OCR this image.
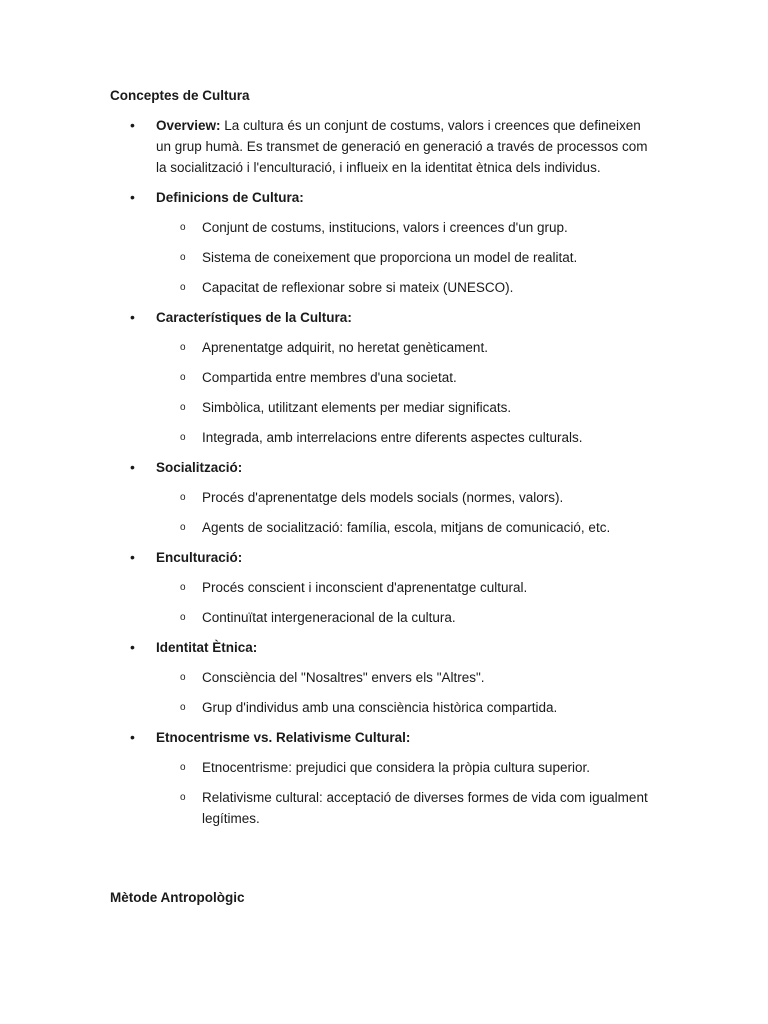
Conceptes de Cultura
• Overview: La cultura és un conjunt de costums, valors i creences que defineixen un grup humà. Es transmet de generació en generació a través de processos com la socialització i l'enculturació, i influeix en la identitat ètnica dels individus.
• Definicions de Cultura:
o Conjunt de costums, institucions, valors i creences d'un grup.
o Sistema de coneixement que proporciona un model de realitat.
o Capacitat de reflexionar sobre si mateix (UNESCO).
• Característiques de la Cultura:
o Aprenentatge adquirit, no heretat genèticament.
o Compartida entre membres d'una societat.
o Simbòlica, utilitzant elements per mediar significats.
o Integrada, amb interrelacions entre diferents aspectes culturals.
• Socialització:
o Procés d'aprenentatge dels models socials (normes, valors).
o Agents de socialització: família, escola, mitjans de comunicació, etc.
• Enculturació:
o Procés conscient i inconscient d'aprenentatge cultural.
o Continuïtat intergeneracional de la cultura.
• Identitat Ètnica:
o Consciència del "Nosaltres" envers els "Altres".
o Grup d'individus amb una consciència històrica compartida.
• Etnocentrisme vs. Relativisme Cultural:
o Etnocentrisme: prejudici que considera la pròpia cultura superior.
o Relativisme cultural: acceptació de diverses formes de vida com igualment legítimes.
Mètode Antropològic
